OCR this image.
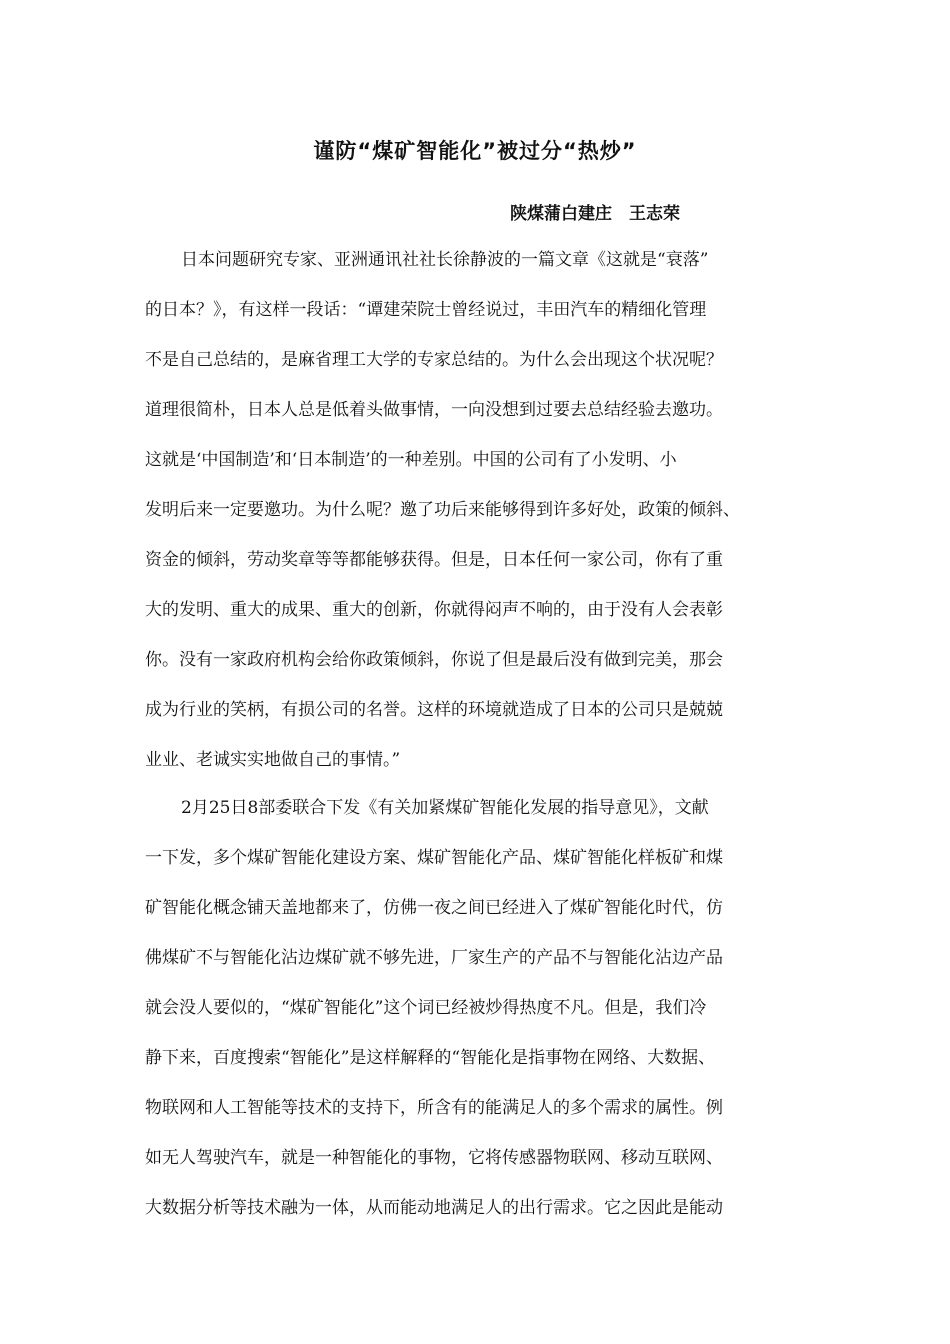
谨防“煤矿智能化”被过分“热炒”
陕煤蒲白建庄　王志荣

日本问题研究专家、亚洲通讯社社长徐静波的一篇文章《这就是“衰落”

的日本？》，有这样一段话：“谭建荣院士曾经说过，丰田汽车的精细化管理

不是自己总结的，是麻省理工大学的专家总结的。为什么会出现这个状况呢？

道理很简朴，日本人总是低着头做事情，一向没想到过要去总结经验去邀功。

这就是‘中国制造’和‘日本制造’的一种差别。中国的公司有了小发明、小

发明后来一定要邀功。为什么呢？邀了功后来能够得到许多好处，政策的倾斜、

资金的倾斜，劳动奖章等等都能够获得。但是，日本任何一家公司，你有了重

大的发明、重大的成果、重大的创新，你就得闷声不响的，由于没有人会表彰

你。没有一家政府机构会给你政策倾斜，你说了但是最后没有做到完美，那会

成为行业的笑柄，有损公司的名誉。这样的环境就造成了日本的公司只是兢兢

业业、老诚实实地做自己的事情。”

2月25日8部委联合下发《有关加紧煤矿智能化发展的指导意见》，文献

一下发，多个煤矿智能化建设方案、煤矿智能化产品、煤矿智能化样板矿和煤

矿智能化概念铺天盖地都来了，仿佛一夜之间已经进入了煤矿智能化时代，仿

佛煤矿不与智能化沾边煤矿就不够先进，厂家生产的产品不与智能化沾边产品

就会没人要似的，“煤矿智能化”这个词已经被炒得热度不凡。但是，我们冷

静下来，百度搜索“智能化”是这样解释的“智能化是指事物在网络、大数据、

物联网和人工智能等技术的支持下，所含有的能满足人的多个需求的属性。例

如无人驾驶汽车，就是一种智能化的事物，它将传感器物联网、移动互联网、

大数据分析等技术融为一体，从而能动地满足人的出行需求。它之因此是能动
